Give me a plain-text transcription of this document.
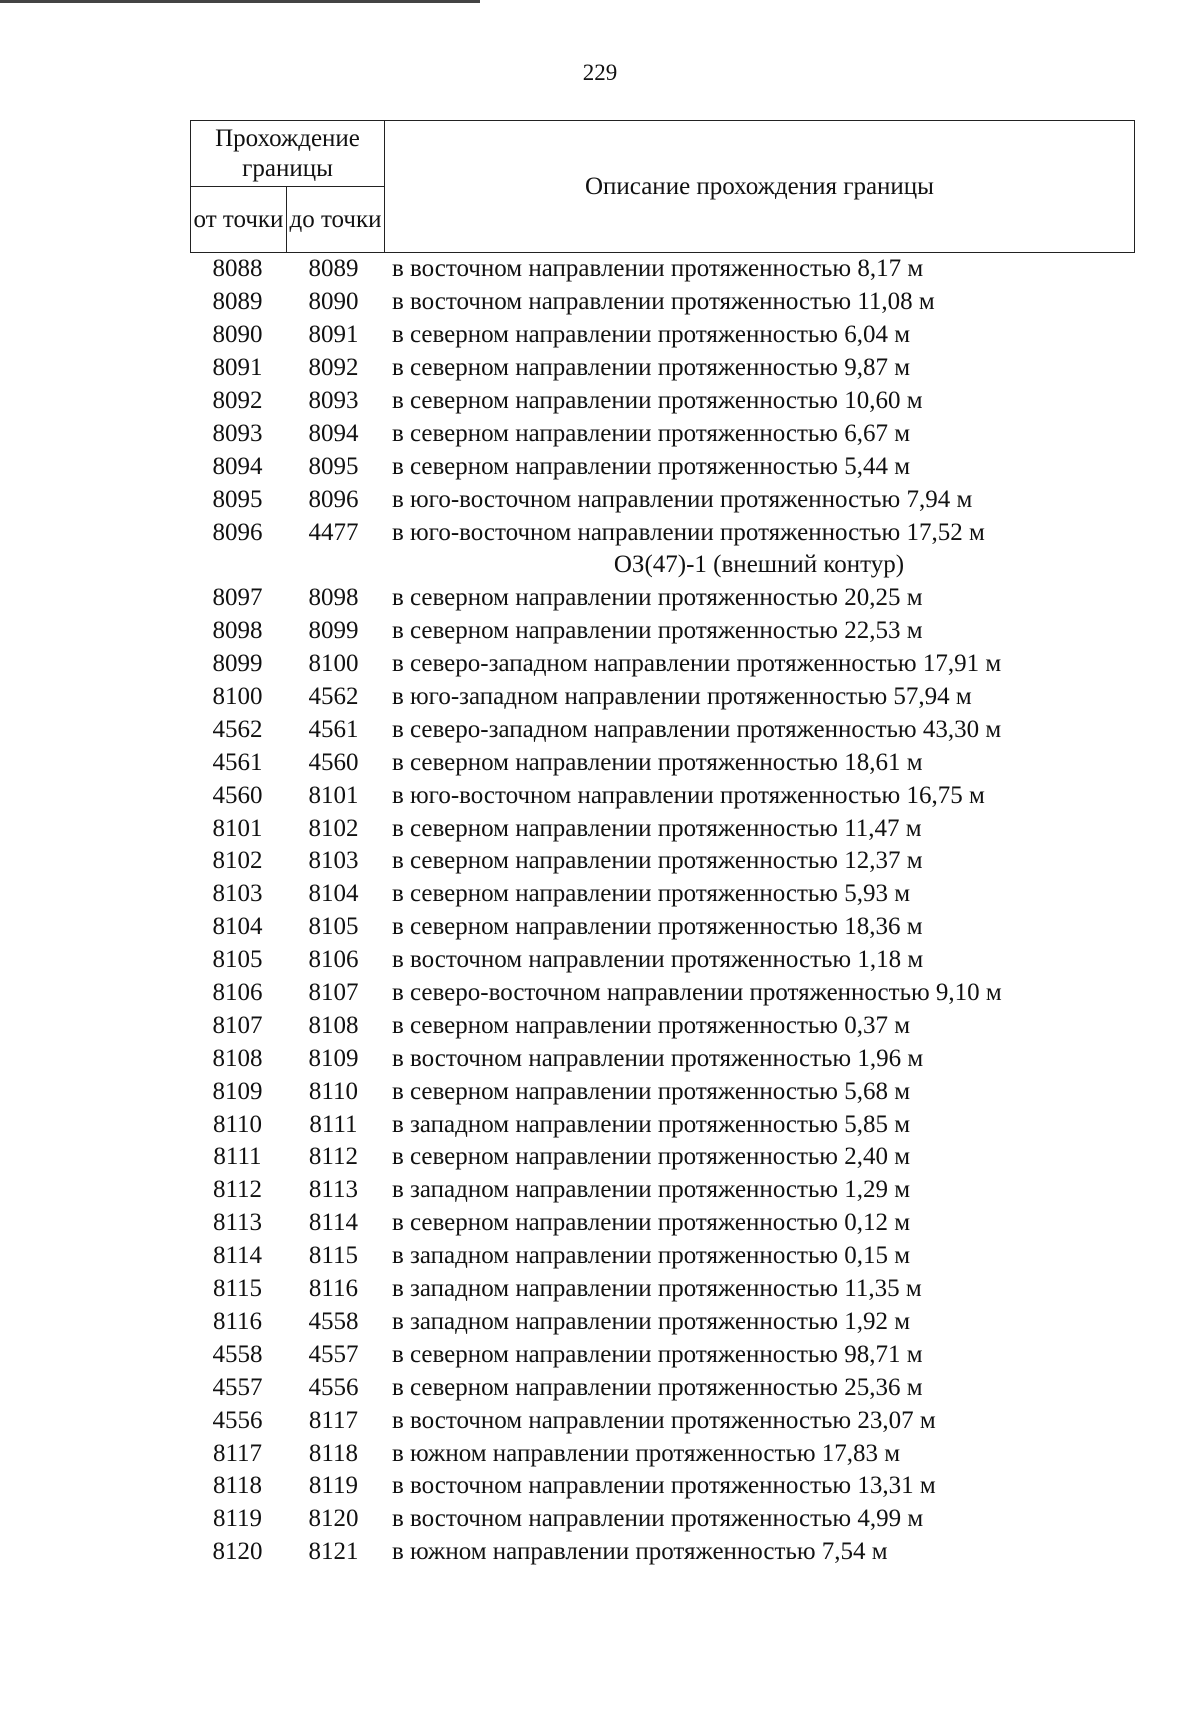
229
Прохождение границы		Описание прохождения границы
от точки	до точки	
8088	8089	в восточном направлении протяженностью 8,17 м
8089	8090	в восточном направлении протяженностью 11,08 м
8090	8091	в северном направлении протяженностью 6,04 м
8091	8092	в северном направлении протяженностью 9,87 м
8092	8093	в северном направлении протяженностью 10,60 м
8093	8094	в северном направлении протяженностью 6,67 м
8094	8095	в северном направлении протяженностью 5,44 м
8095	8096	в юго-восточном направлении протяженностью 7,94 м
8096	4477	в юго-восточном направлении протяженностью 17,52 м
ОЗ(47)-1 (внешний контур)
8097	8098	в северном направлении протяженностью 20,25 м
8098	8099	в северном направлении протяженностью 22,53 м
8099	8100	в северо-западном направлении протяженностью 17,91 м
8100	4562	в юго-западном направлении протяженностью 57,94 м
4562	4561	в северо-западном направлении протяженностью 43,30 м
4561	4560	в северном направлении протяженностью 18,61 м
4560	8101	в юго-восточном направлении протяженностью 16,75 м
8101	8102	в северном направлении протяженностью 11,47 м
8102	8103	в северном направлении протяженностью 12,37 м
8103	8104	в северном направлении протяженностью 5,93 м
8104	8105	в северном направлении протяженностью 18,36 м
8105	8106	в восточном направлении протяженностью 1,18 м
8106	8107	в северо-восточном направлении протяженностью 9,10 м
8107	8108	в северном направлении протяженностью 0,37 м
8108	8109	в восточном направлении протяженностью 1,96 м
8109	8110	в северном направлении протяженностью 5,68 м
8110	8111	в западном направлении протяженностью 5,85 м
8111	8112	в северном направлении протяженностью 2,40 м
8112	8113	в западном направлении протяженностью 1,29 м
8113	8114	в северном направлении протяженностью 0,12 м
8114	8115	в западном направлении протяженностью 0,15 м
8115	8116	в западном направлении протяженностью 11,35 м
8116	4558	в западном направлении протяженностью 1,92 м
4558	4557	в северном направлении протяженностью 98,71 м
4557	4556	в северном направлении протяженностью 25,36 м
4556	8117	в восточном направлении протяженностью 23,07 м
8117	8118	в южном направлении протяженностью 17,83 м
8118	8119	в восточном направлении протяженностью 13,31 м
8119	8120	в восточном направлении протяженностью 4,99 м
8120	8121	в южном направлении протяженностью 7,54 м
